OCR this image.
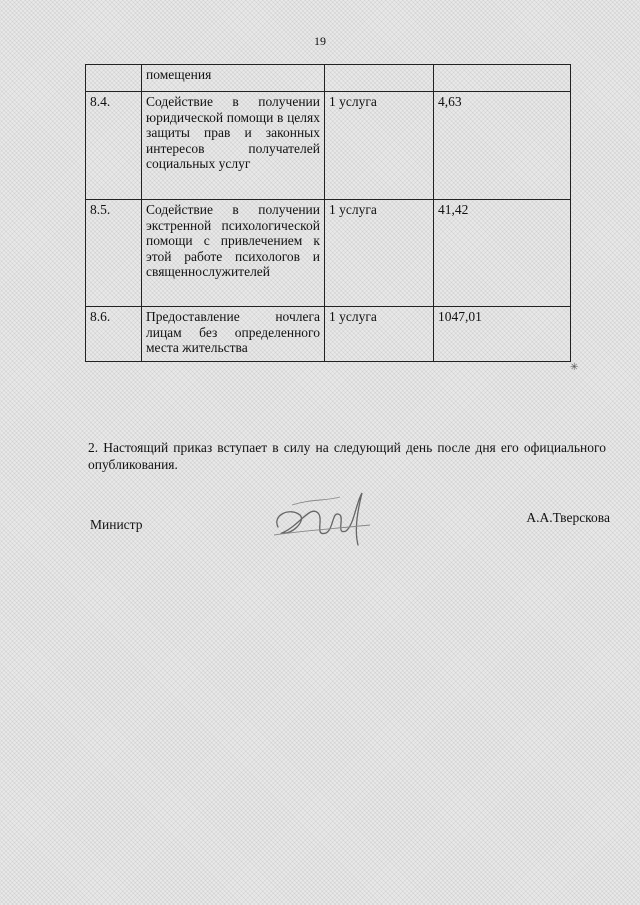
19
	помещения		
8.4.	Содействие в получении юридической помощи в целях защиты прав и законных интересов получателей социальных услуг	1 услуга	4,63
8.5.	Содействие в получении экстренной психологической помощи с привлечением к этой работе психологов и священнослужителей	1 услуга	41,42
8.6.	Предоставление ночлега лицам без определенного места жительства	1 услуга	1047,01
✳

2. Настоящий приказ вступает в силу на следующий день после дня его официального опубликования.

Министр	А.А.Тверскова
